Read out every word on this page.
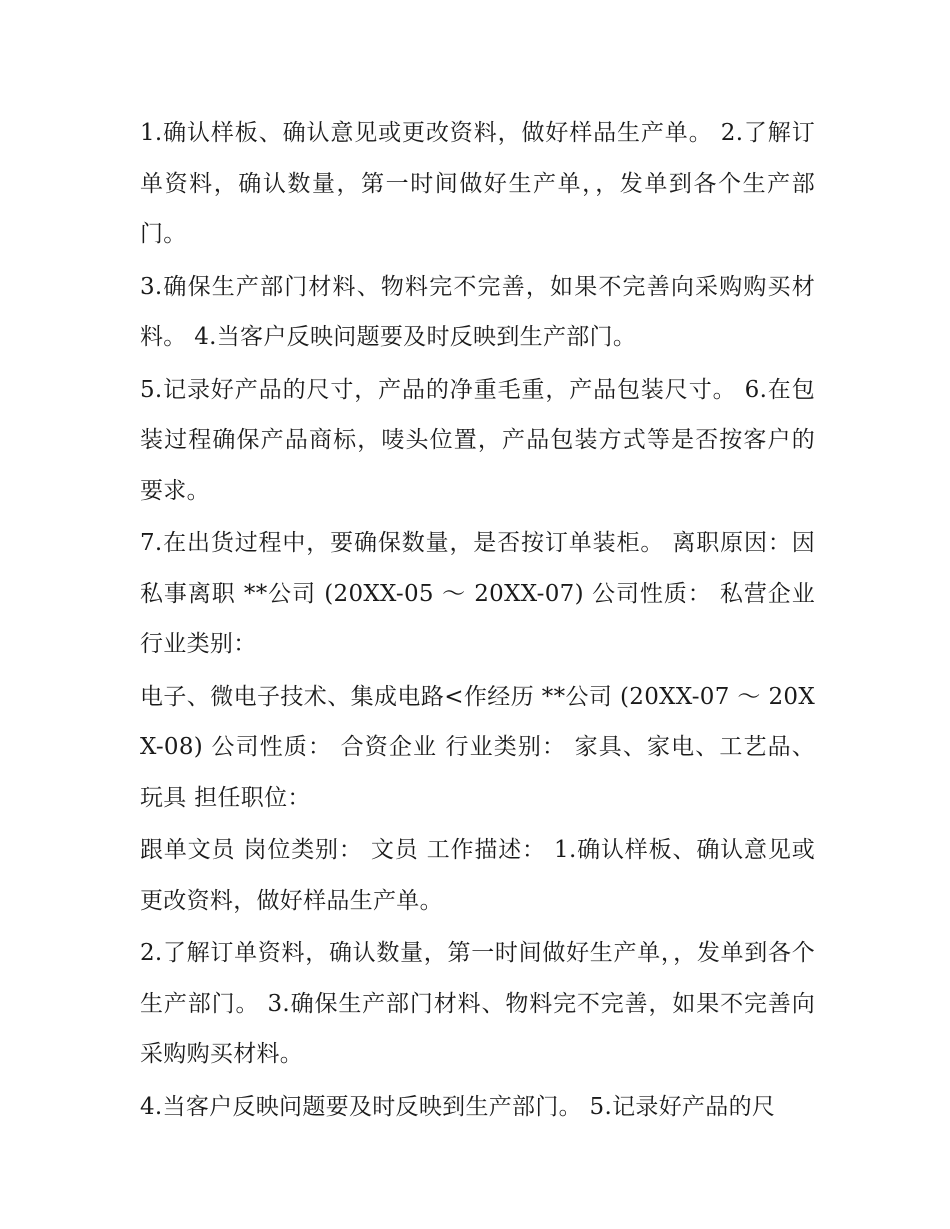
1.确认样板、确认意见或更改资料，做好样品生产单。 2.了解订单资料，确认数量，第一时间做好生产单，，发单到各个生产部门。

3.确保生产部门材料、物料完不完善，如果不完善向采购购买材料。 4.当客户反映问题要及时反映到生产部门。

5.记录好产品的尺寸，产品的净重毛重，产品包装尺寸。 6.在包装过程确保产品商标，唛头位置，产品包装方式等是否按客户的要求。

7.在出货过程中，要确保数量，是否按订单装柜。 离职原因：因私事离职 **公司 (20XX-05 ～ 20XX-07) 公司性质： 私营企业 行业类别：

电子、微电子技术、集成电路<作经历 **公司 (20XX-07 ～ 20XX-08) 公司性质： 合资企业 行业类别： 家具、家电、工艺品、玩具 担任职位：

跟单文员 岗位类别： 文员 工作描述： 1.确认样板、确认意见或更改资料，做好样品生产单。

2.了解订单资料，确认数量，第一时间做好生产单，，发单到各个生产部门。 3.确保生产部门材料、物料完不完善，如果不完善向采购购买材料。

4.当客户反映问题要及时反映到生产部门。 5.记录好产品的尺
